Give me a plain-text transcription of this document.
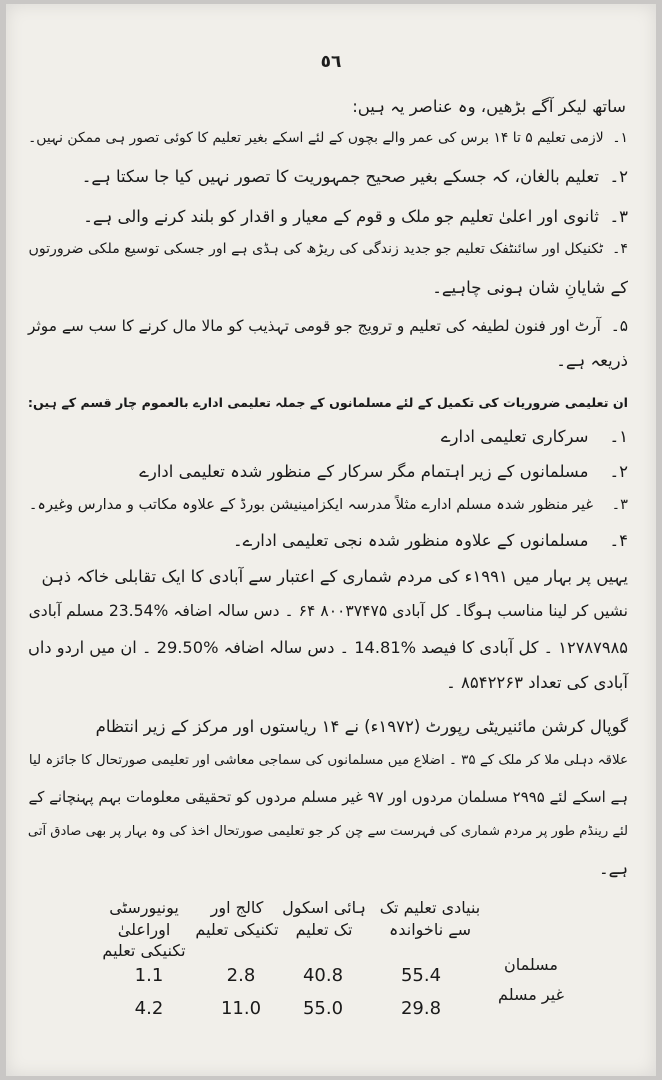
٥٦
ساتھ لیکر آگے بڑھیں، وہ عناصر یہ ہیں:
۱۔  لازمی تعلیم ۵ تا ۱۴ برس کی عمر والے بچوں کے لئے اسکے بغیر تعلیم کا کوئی تصور ہی ممکن نہیں۔
۲۔  تعلیم بالغان، کہ جسکے بغیر صحیح جمہوریت کا تصور نہیں کیا جا سکتا ہے۔
۳۔  ثانوی اور اعلیٰ تعلیم جو ملک و قوم کے معیار و اقدار کو بلند کرنے والی ہے۔
۴۔  ٹکنیکل اور سائنٹفک تعلیم جو جدید زندگی کی ریڑھ کی ہڈی ہے اور جسکی توسیع ملکی ضرورتوں
کے شایانِ شان ہونی چاہیے۔
۵۔  آرٹ اور فنون لطیفہ کی تعلیم و ترویج جو قومی تہذیب کو مالا مال کرنے کا سب سے موثر
ذریعہ ہے۔
ان تعلیمی ضروریات کی تکمیل کے لئے مسلمانوں کے جملہ تعلیمی ادارے بالعموم چار قسم کے ہیں:
۱۔    سرکاری تعلیمی ادارے
۲۔    مسلمانوں کے زیر اہتمام مگر سرکار کے منظور شدہ تعلیمی ادارے
۳۔    غیر منظور شدہ مسلم ادارے مثلاً مدرسہ ایکزامینیشن بورڈ کے علاوہ مکاتب و مدارس وغیرہ۔
۴۔    مسلمانوں کے علاوہ منظور شدہ نجی تعلیمی ادارے۔
یہیں پر بہار میں ۱۹۹۱ء کی مردم شماری کے اعتبار سے آبادی کا ایک تقابلی خاکہ ذہن
نشیں کر لینا مناسب ہوگا۔ کل آبادی ۸۰۰۳۷۴۷۵ ۶۴ ۔ دس سالہ اضافہ %23.54 مسلم آبادی
۱۲۷۸۷۹۸۵ ۔ کل آبادی کا فیصد %14.81 ۔ دس سالہ اضافہ %29.50 ۔ ان میں اردو داں
آبادی کی تعداد ۸۵۴۲۲۶۳ ۔
گوپال کرشن مائنیریٹی رپورٹ (۱۹۷۲ء) نے ۱۴ ریاستوں اور مرکز کے زیر انتظام
علاقہ دہلی ملا کر ملک کے ۳۵ ۔ اضلاع میں مسلمانوں کی سماجی معاشی اور تعلیمی صورتحال کا جائزہ لیا
ہے اسکے لئے ۲۹۹۵ مسلمان مردوں اور ۹۷ غیر مسلم مردوں کو تحقیقی معلومات بہم پہنچانے کے
لئے رینڈم طور پر مردم شماری کی فہرست سے چن کر جو تعلیمی صورتحال اخذ کی وہ بہار پر بھی صادق آتی
ہے۔
بنیادی تعلیم تک
سے ناخواندہ
ہائی اسکول
تک تعلیم
کالج اور
تکنیکی تعلیم
یونیورسٹی اوراعلیٰ
تکنیکی تعلیم
مسلمان
غیر مسلم
55.4
40.8
2.8
1.1
29.8
55.0
11.0
4.2
